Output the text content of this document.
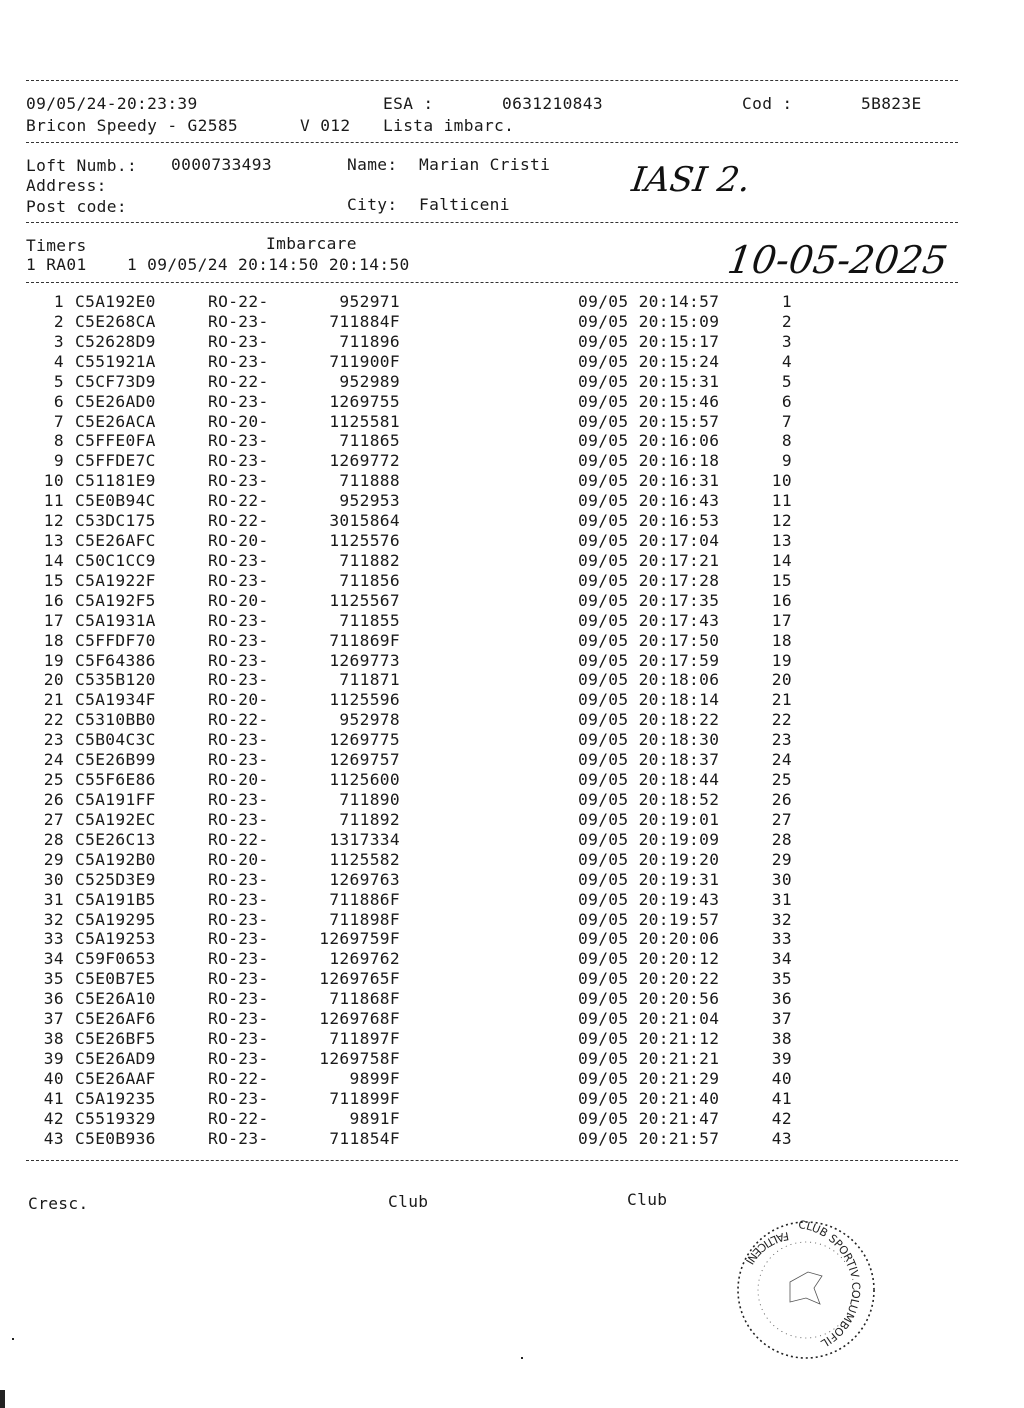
09/05/24-20:23:39	ESA :	0631210843	Cod :	5B823E
Bricon Speedy - G2585	V 012 Lista imbarc.
Loft Numb.: 0000733493	Name: Marian Cristi
Address:
Post code:	City: Falticeni
IASI 2.
Timers	Imbarcare
1 RA01    1 09/05/24 20:14:50 20:14:50	10-05-2025
1 C5A192E0	RO-22-	952971	09/05 20:14:57	1
2 C5E268CA	RO-23-	711884F	09/05 20:15:09	2
3 C52628D9	RO-23-	711896	09/05 20:15:17	3
4 C551921A	RO-23-	711900F	09/05 20:15:24	4
5 C5CF73D9	RO-22-	952989	09/05 20:15:31	5
6 C5E26AD0	RO-23-	1269755	09/05 20:15:46	6
7 C5E26ACA	RO-20-	1125581	09/05 20:15:57	7
8 C5FFE0FA	RO-23-	711865	09/05 20:16:06	8
9 C5FFDE7C	RO-23-	1269772	09/05 20:16:18	9
10 C51181E9	RO-23-	711888	09/05 20:16:31	10
11 C5E0B94C	RO-22-	952953	09/05 20:16:43	11
12 C53DC175	RO-22-	3015864	09/05 20:16:53	12
13 C5E26AFC	RO-20-	1125576	09/05 20:17:04	13
14 C50C1CC9	RO-23-	711882	09/05 20:17:21	14
15 C5A1922F	RO-23-	711856	09/05 20:17:28	15
16 C5A192F5	RO-20-	1125567	09/05 20:17:35	16
17 C5A1931A	RO-23-	711855	09/05 20:17:43	17
18 C5FFDF70	RO-23-	711869F	09/05 20:17:50	18
19 C5F64386	RO-23-	1269773	09/05 20:17:59	19
20 C535B120	RO-23-	711871	09/05 20:18:06	20
21 C5A1934F	RO-20-	1125596	09/05 20:18:14	21
22 C5310BB0	RO-22-	952978	09/05 20:18:22	22
23 C5B04C3C	RO-23-	1269775	09/05 20:18:30	23
24 C5E26B99	RO-23-	1269757	09/05 20:18:37	24
25 C55F6E86	RO-20-	1125600	09/05 20:18:44	25
26 C5A191FF	RO-23-	711890	09/05 20:18:52	26
27 C5A192EC	RO-23-	711892	09/05 20:19:01	27
28 C5E26C13	RO-22-	1317334	09/05 20:19:09	28
29 C5A192B0	RO-20-	1125582	09/05 20:19:20	29
30 C525D3E9	RO-23-	1269763	09/05 20:19:31	30
31 C5A191B5	RO-23-	711886F	09/05 20:19:43	31
32 C5A19295	RO-23-	711898F	09/05 20:19:57	32
33 C5A19253	RO-23-	1269759F	09/05 20:20:06	33
34 C59F0653	RO-23-	1269762	09/05 20:20:12	34
35 C5E0B7E5	RO-23-	1269765F	09/05 20:20:22	35
36 C5E26A10	RO-23-	711868F	09/05 20:20:56	36
37 C5E26AF6	RO-23-	1269768F	09/05 20:21:04	37
38 C5E26BF5	RO-23-	711897F	09/05 20:21:12	38
39 C5E26AD9	RO-23-	1269758F	09/05 20:21:21	39
40 C5E26AAF	RO-22-	9899F	09/05 20:21:29	40
41 C5A19235	RO-23-	711899F	09/05 20:21:40	41
42 C5519329	RO-22-	9891F	09/05 20:21:47	42
43 C5E0B936	RO-23-	711854F	09/05 20:21:57	43
Cresc.	Club	Club
FALTICENI
CLUB SPORTIV COLUMBOFIL
